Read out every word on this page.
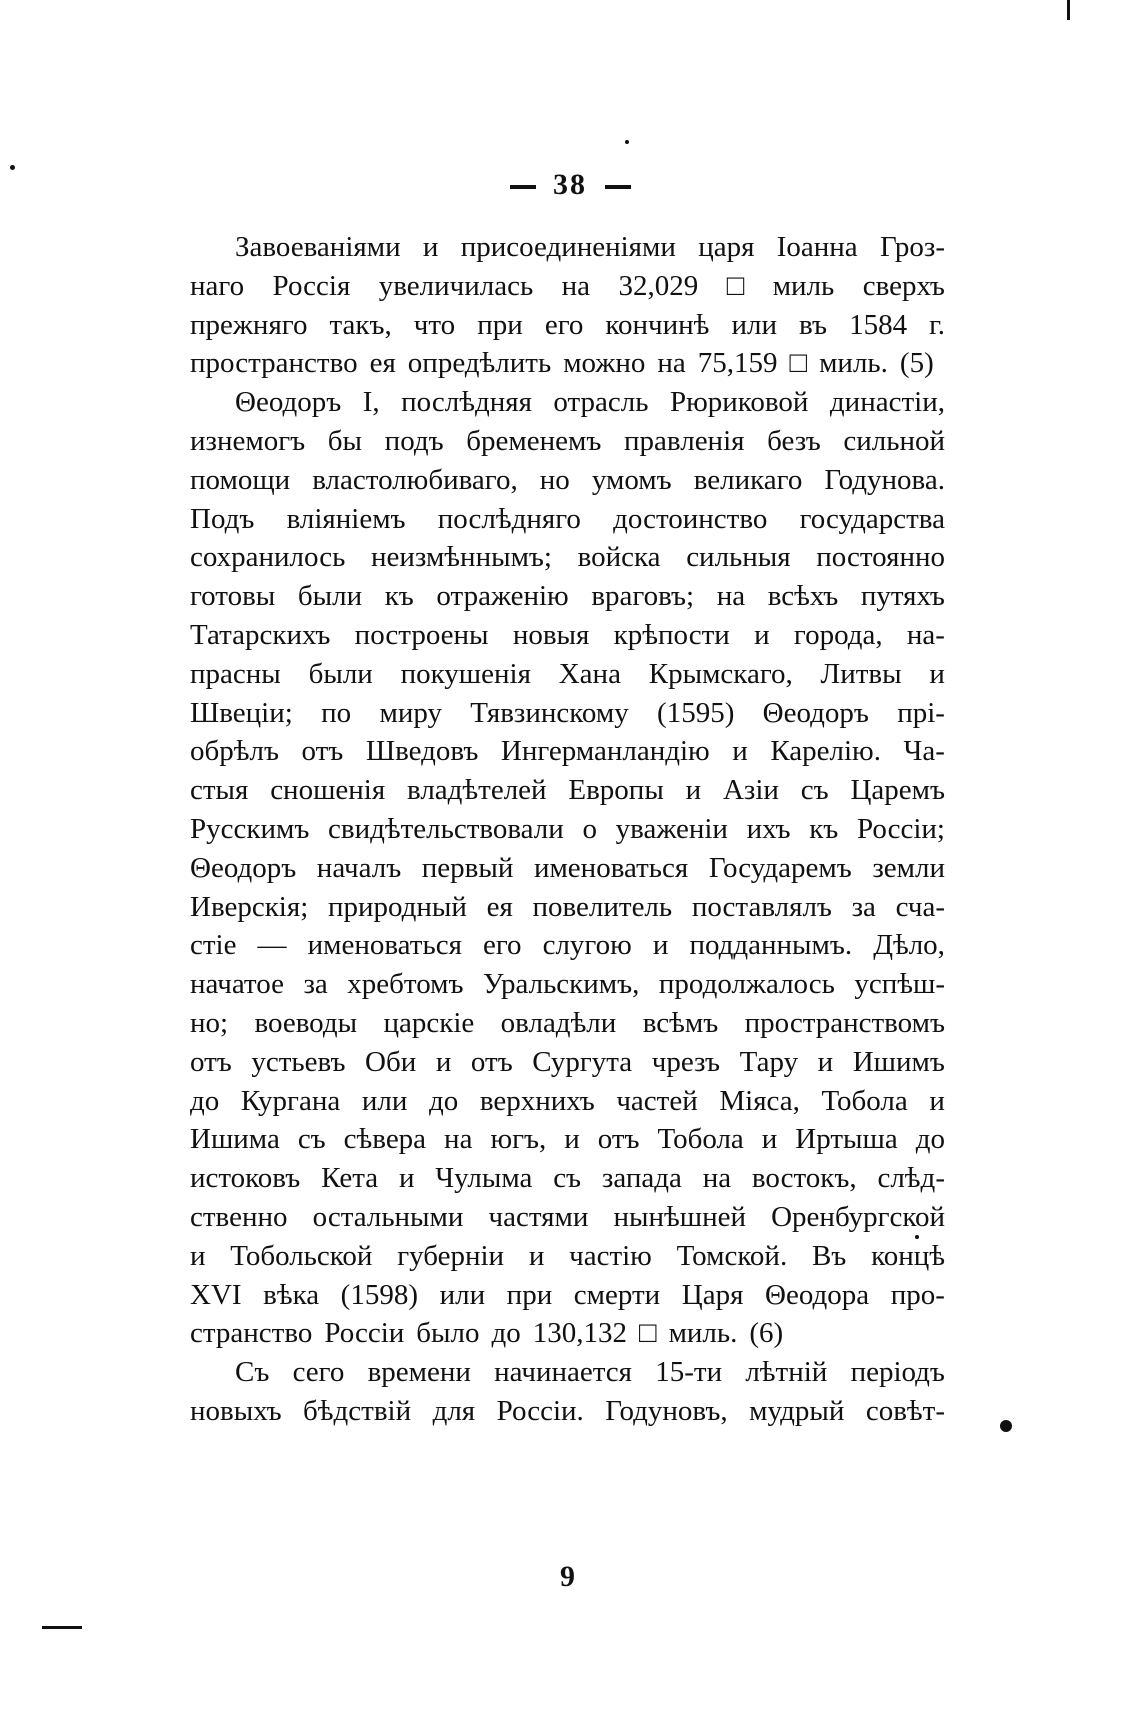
38
Завоеваніями и присоединеніями царя Іоанна Гроз-
наго Россія увеличилась на 32,029 □ миль сверхъ
прежняго такъ, что при его кончинѣ или въ 1584 г.
пространство ея опредѣлить можно на 75,159 □ миль. (5)
Θеодоръ I, послѣдняя отрасль Рюриковой династіи,
изнемогъ бы подъ бременемъ правленія безъ сильной
помощи властолюбиваго, но умомъ великаго Годунова.
Подъ вліяніемъ послѣдняго достоинство государства
сохранилось неизмѣннымъ; войска сильныя постоянно
готовы были къ отраженію враговъ; на всѣхъ путяхъ
Татарскихъ построены новыя крѣпости и города, на-
прасны были покушенія Хана Крымскаго, Литвы и
Швеціи; по миру Тявзинскому (1595) Θеодоръ прі-
обрѣлъ отъ Шведовъ Ингерманландію и Карелію. Ча-
стыя сношенія владѣтелей Европы и Азіи съ Царемъ
Русскимъ свидѣтельствовали о уваженіи ихъ къ Россіи;
Θеодоръ началъ первый именоваться Государемъ земли
Иверскія; природный ея повелитель поставлялъ за сча-
стіе — именоваться его слугою и подданнымъ. Дѣло,
начатое за хребтомъ Уральскимъ, продолжалось успѣш-
но; воеводы царскіе овладѣли всѣмъ пространствомъ
отъ устьевъ Оби и отъ Сургута чрезъ Тару и Ишимъ
до Кургана или до верхнихъ частей Міяса, Тобола и
Ишима съ сѣвера на югъ, и отъ Тобола и Иртыша до
истоковъ Кета и Чулыма съ запада на востокъ, слѣд-
ственно остальными частями нынѣшней Оренбургской
и Тобольской губерніи и частію Томской. Въ концѣ
XVI вѣка (1598) или при смерти Царя Θеодора про-
странство Россіи было до 130,132 □ миль. (6)
Съ сего времени начинается 15-ти лѣтній періодъ
новыхъ бѣдствій для Россіи. Годуновъ, мудрый совѣт-
9
